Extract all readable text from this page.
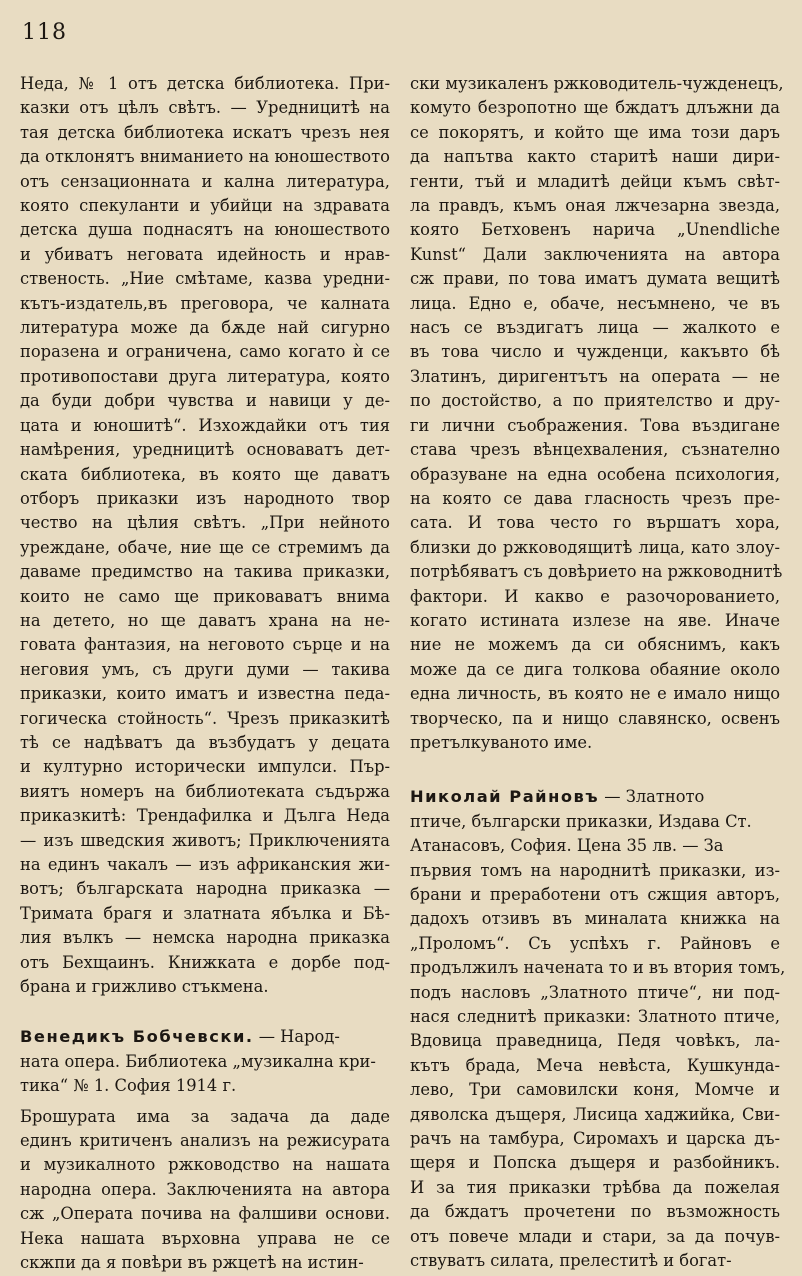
118
Неда, № 1 отъ детска библиотека. При-
казки отъ цѣлъ свѣтъ. — Уредницитѣ на
тая детска библиотека искатъ чрезъ нея
да отклонятъ вниманието на юношеството
отъ сензационната и кална литература,
която спекуланти и убийци на здравата
детска душа поднасятъ на юношеството
и убиватъ неговата идейность и нрав-
ственость. „Ние смѣтаме, казва уредни-
кътъ-издатель,въ преговора, че калната
литература може да бѫде най сигурно
поразена и ограничена, само когато ѝ се
противопостави друга литература, която
да буди добри чувства и навици у де-
цата и юношитѣ“. Изхождайки отъ тия
намѣрения, уредницитѣ основаватъ дет-
ската библиотека, въ която ще даватъ
отборъ приказки изъ народното твор
чество на цѣлия свѣтъ. „При нейното
уреждане, обаче, ние ще се стремимъ да
даваме предимство на такива приказки,
които не само ще приковаватъ внима
на детето, но ще даватъ храна на не-
говата фантазия, на неговото сърце и на
неговия умъ, съ други думи — такива
приказки, които иматъ и известна педа-
гогическа стойность“. Чрезъ приказкитѣ
тѣ се надѣватъ да възбудатъ у децата
и културно исторически импулси. Пър-
виятъ номеръ на библиотеката съдържа
приказкитѣ: Трендафилка и Дълга Неда
— изъ шведския животъ; Приключенията
на единъ чакалъ — изъ африканския жи-
вотъ; българската народна приказка —
Тримата брагя и златната ябълка и Бѣ-
лия вълкъ — немска народна приказка
отъ Бехщаинъ. Книжката е дорбе под-
брана и грижливо стъкмена.
Венедикъ Бобчевски. — Народ-
ната опера. Библиотека „музикална кри-
тика“ № 1. София 1914 г.
Брошурата има за задача да даде
единъ критиченъ анализъ на режисурата
и музикалното ржководство на нашата
народна опера. Заключенията на автора
сж „Операта почива на фалшиви основи.
Нека нашата върховна управа не се
скжпи да я повѣри въ ржцетѣ на истин-
ски музикаленъ ржководитель-чужденецъ,
комуто безропотно ще бждатъ длъжни да
се покорятъ, и който ще има този даръ
да напътва както старитѣ наши дири-
генти, тъй и младитѣ дейци къмъ свѣт-
ла правдъ, къмъ оная лжчезарна звезда,
която Бетховенъ нарича „Unendliche
Kunst“ Дали заключенията на автора
сж прави, по това иматъ думата вещитѣ
лица. Едно е, обаче, несъмнено, че въ
насъ се въздигатъ лица — жалкото е
въ това число и чужденци, какъвто бѣ
Златинъ, диригентътъ на операта — не
по достойство, а по приятелство и дру-
ги лични съображения. Това въздигане
става чрезъ вѣнцехваления, съзнателно
образуване на една особена психология,
на която се дава гласность чрезъ пре-
сата. И това често го вършатъ хора,
близки до ржководящитѣ лица, като злоу-
потрѣбяватъ съ довѣрието на ржководнитѣ
фактори. И какво е разочорованието,
когато истината излезе на яве. Иначе
ние не можемъ да си обяснимъ, какъ
може да се дига толкова обаяние около
една личность, въ която не е имало нищо
творческо, па и нищо славянско, освенъ
претълкуваното име.
Николай Райновъ — Златното
птиче, български приказки, Издава Ст.
Атанасовъ, София. Цена 35 лв. — За
първия томъ на народнитѣ приказки, из-
брани и преработени отъ сжщия авторъ,
дадохъ отзивъ въ миналата книжка на
„Проломъ“. Съ успѣхъ г. Райновъ е
продължилъ начената то и въ втория томъ,
подъ насловъ „Златното птиче“, ни под-
нася следнитѣ приказки: Златното птиче,
Вдовица праведница, Педя човѣкъ, ла-
кътъ брада, Меча невѣста, Кушкунда-
лево, Три самовилски коня, Момче и
дяволска дъщеря, Лисица хаджийка, Сви-
рачъ на тамбура, Сиромахъ и царска дъ-
щеря и Попска дъщеря и разбойникъ.
И за тия приказки трѣбва да пожелая
да бждатъ прочетени по възможность
отъ повече млади и стари, за да почув-
ствуватъ силата, прелеститѣ и богат-
